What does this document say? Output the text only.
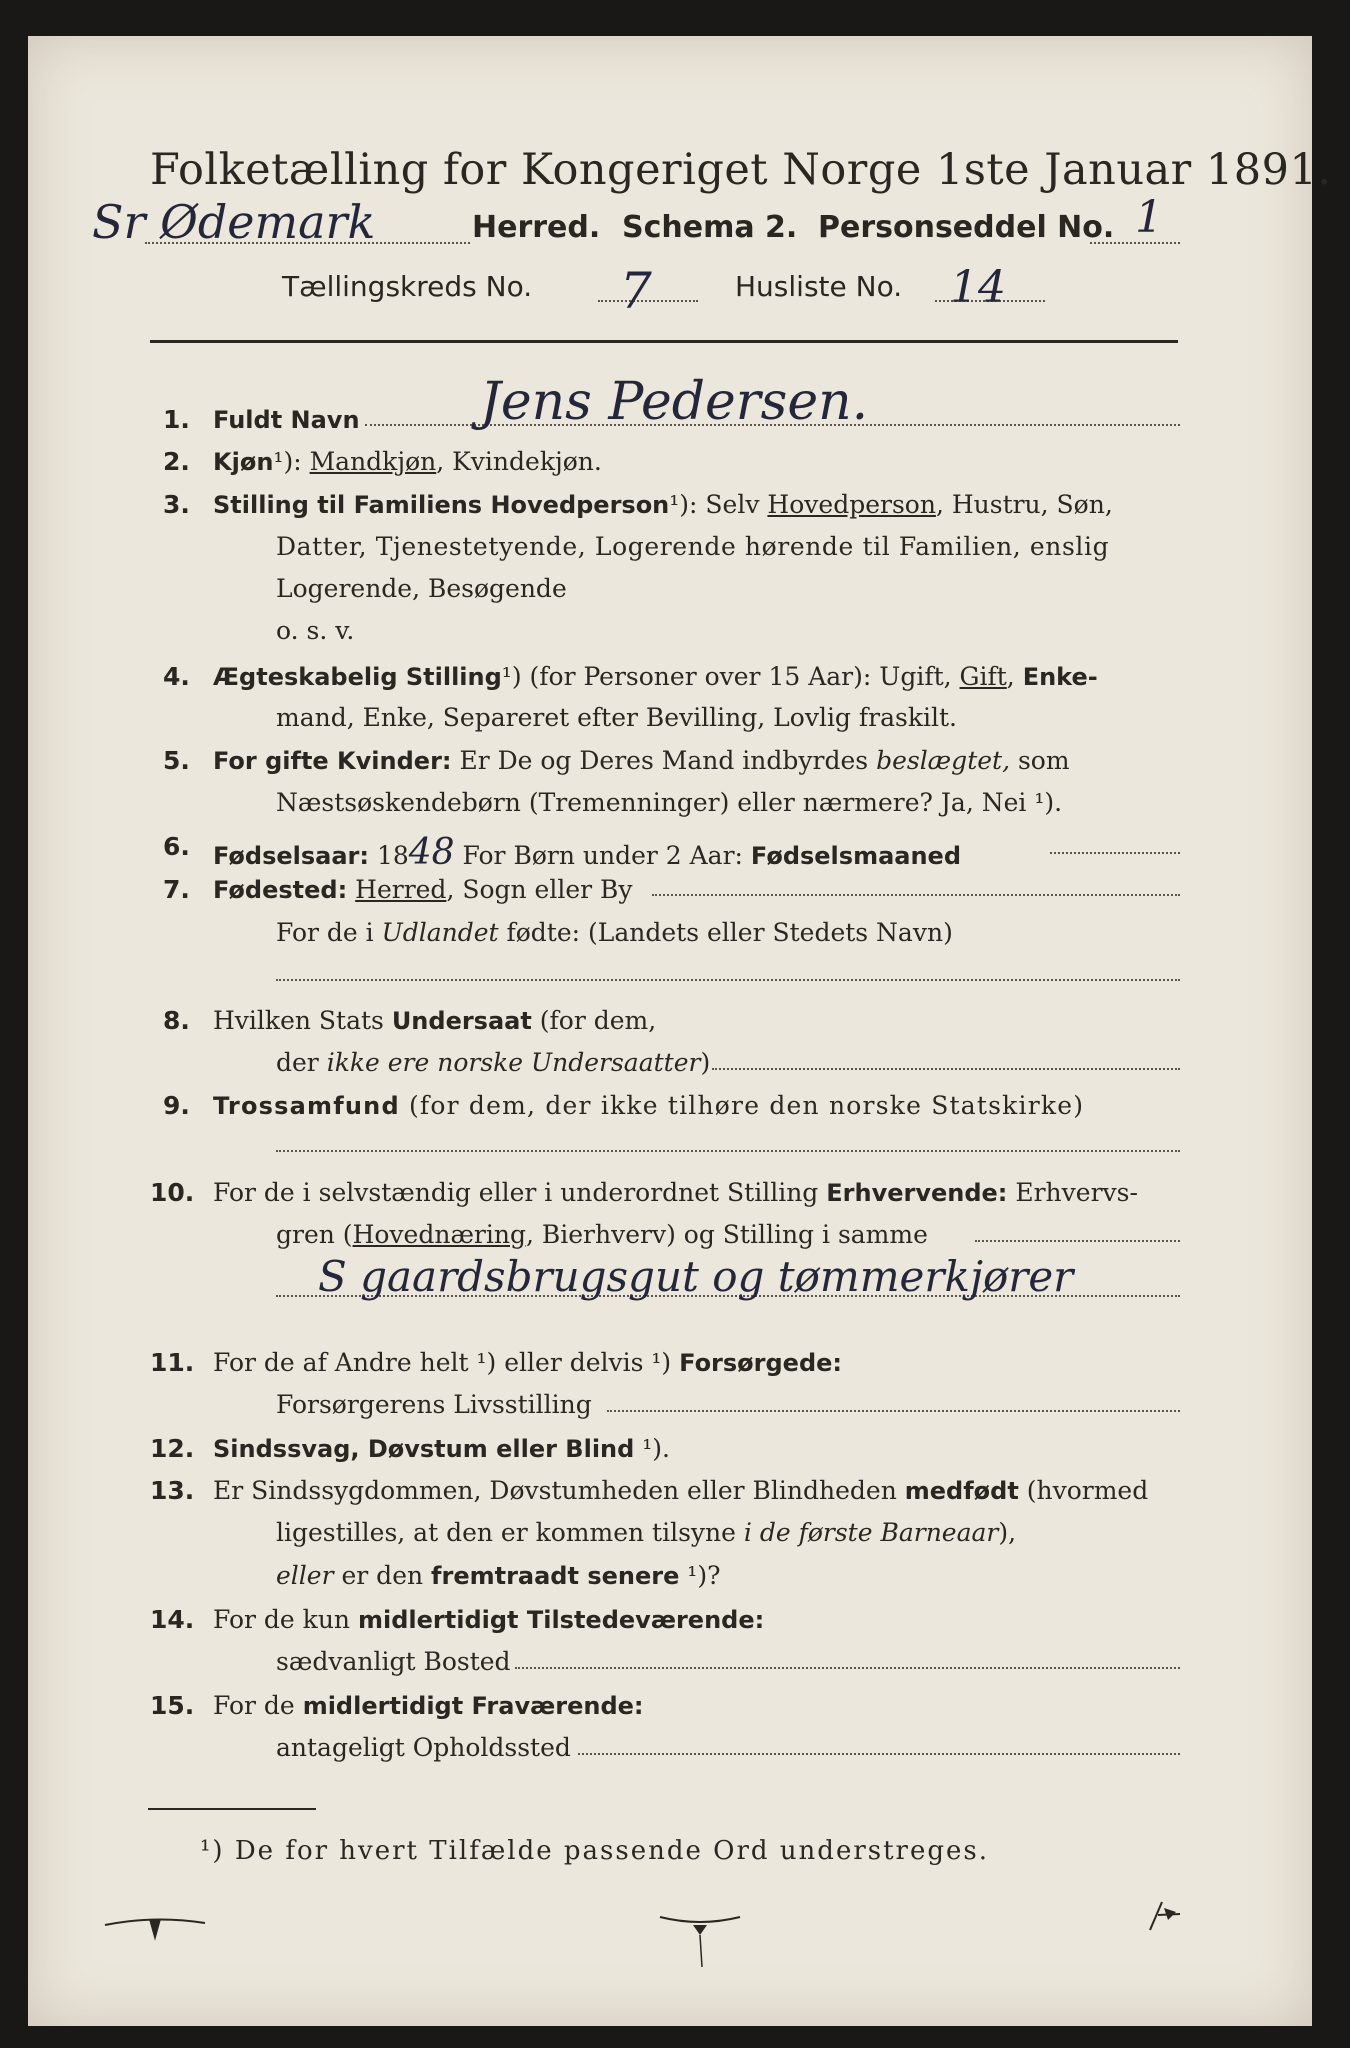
Folketælling for Kongeriget Norge 1ste Januar 1891.
Sr Ødemark	Herred. Schema 2. Personseddel No. 1
Tællingskreds No. 7	Husliste No. 14
1. Fuldt Navn Jens Pedersen.
2. Kjøn¹): Mandkjøn, Kvindekjøn.
3. Stilling til Familiens Hovedperson¹): Selv Hovedperson, Hustru, Søn,
Datter, Tjenestetyende, Logerende hørende til Familien, enslig
Logerende, Besøgende
o. s. v.
4. Ægteskabelig Stilling¹) (for Personer over 15 Aar): Ugift, Gift, Enke-
mand, Enke, Separeret efter Bevilling, Lovlig fraskilt.
5. For gifte Kvinder: Er De og Deres Mand indbyrdes beslægtet, som
Næstsøskendebørn (Tremenninger) eller nærmere? Ja, Nei ¹).
6. Fødselsaar: 1848 For Børn under 2 Aar: Fødselsmaaned
7. Fødested: Herred, Sogn eller By
For de i Udlandet fødte: (Landets eller Stedets Navn)
8. Hvilken Stats Undersaat (for dem,
der ikke ere norske Undersaatter)
9. Trossamfund (for dem, der ikke tilhøre den norske Statskirke)
10. For de i selvstændig eller i underordnet Stilling Erhvervende: Erhvervs-
gren (Hovednæring, Bierhverv) og Stilling i samme
S gaardsbrugsgut og tømmerkjører
11. For de af Andre helt ¹) eller delvis ¹) Forsørgede:
Forsørgerens Livsstilling
12. Sindssvag, Døvstum eller Blind ¹).
13. Er Sindssygdommen, Døvstumheden eller Blindheden medfødt (hvormed
ligestilles, at den er kommen tilsyne i de første Barneaar),
eller er den fremtraadt senere ¹)?
14. For de kun midlertidigt Tilstedeværende:
sædvanligt Bosted
15. For de midlertidigt Fraværende:
antageligt Opholdssted
¹) De for hvert Tilfælde passende Ord understreges.
